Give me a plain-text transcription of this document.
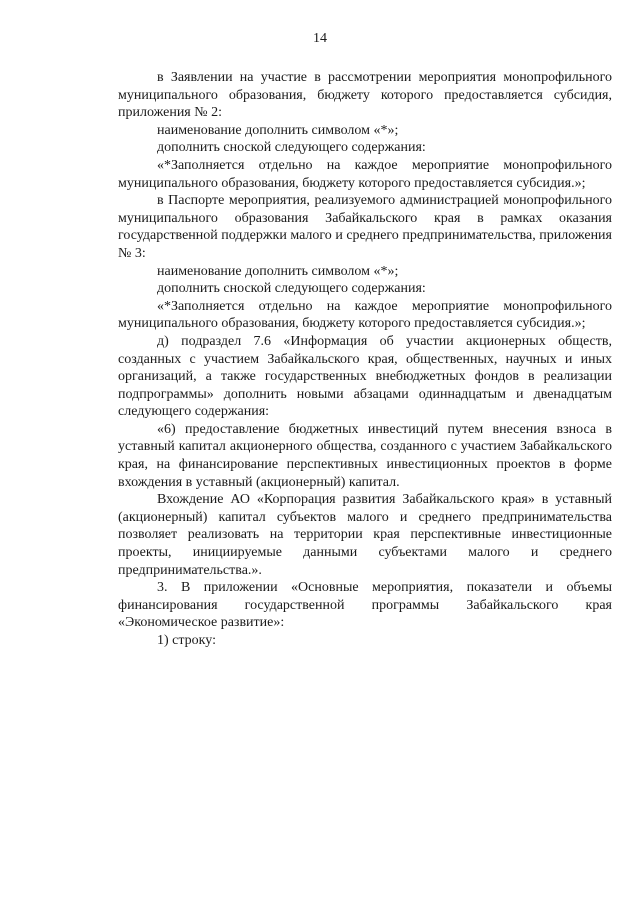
14

в Заявлении на участие в рассмотрении мероприятия монопрофильного муниципального образования, бюджету которого предоставляется субсидия, приложения № 2:

наименование дополнить символом «*»;

дополнить сноской следующего содержания:

«*Заполняется отдельно на каждое мероприятие монопрофильного муниципального образования, бюджету которого предоставляется субсидия.»;

в Паспорте мероприятия, реализуемого администрацией монопрофильного муниципального образования Забайкальского края в рамках оказания государственной поддержки малого и среднего предпринимательства, приложения № 3:

наименование дополнить символом «*»;

дополнить сноской следующего содержания:

«*Заполняется отдельно на каждое мероприятие монопрофильного муниципального образования, бюджету которого предоставляется субсидия.»;

д) подраздел 7.6 «Информация об участии акционерных обществ, созданных с участием Забайкальского края, общественных, научных и иных организаций, а также государственных внебюджетных фондов в реализации подпрограммы» дополнить новыми абзацами одиннадцатым и двенадцатым следующего содержания:

«6) предоставление бюджетных инвестиций путем внесения взноса в уставный капитал акционерного общества, созданного с участием Забайкальского края, на финансирование перспективных инвестиционных проектов в форме вхождения в уставный (акционерный) капитал.

Вхождение АО «Корпорация развития Забайкальского края» в уставный (акционерный) капитал субъектов малого и среднего предпринимательства позволяет реализовать на территории края перспективные инвестиционные проекты, инициируемые данными субъектами малого и среднего предпринимательства.».

3. В приложении «Основные мероприятия, показатели и объемы финансирования государственной программы Забайкальского края «Экономическое развитие»:

1) строку:
